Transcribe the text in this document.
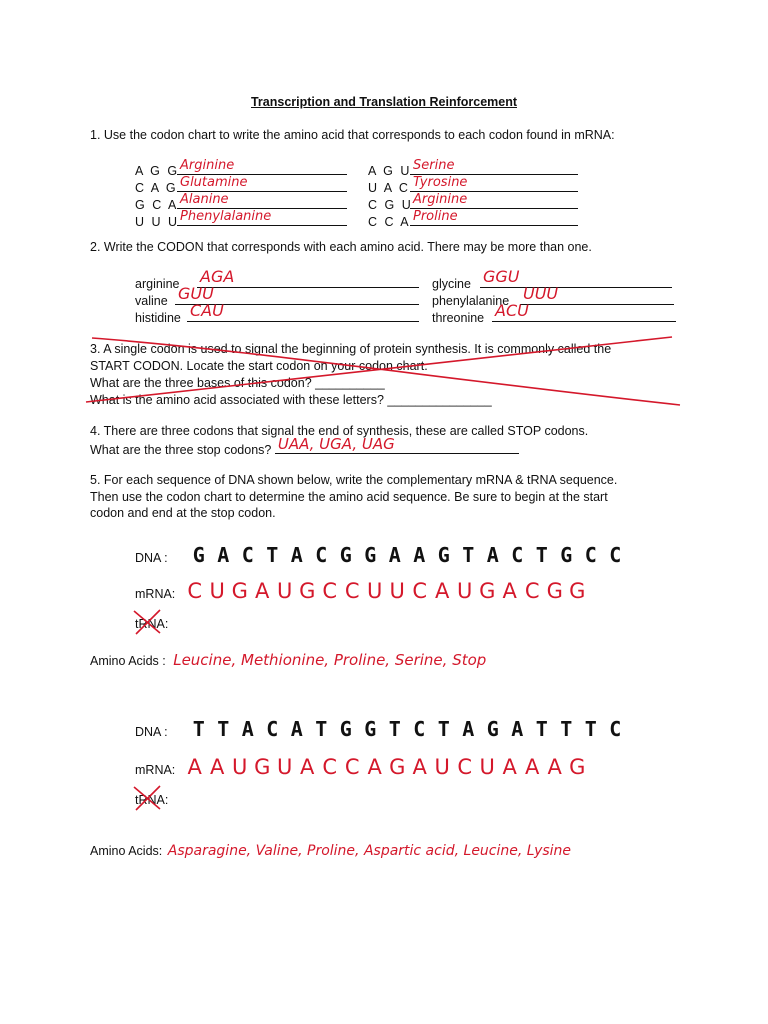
Transcription and Translation Reinforcement
1. Use the codon chart to write the amino acid that corresponds to each codon found in mRNA:
A G G Arginine
C A G Glutamine
G C A Alanine
U U U Phenylalanine
A G U Serine
U A C Tyrosine
C G U Arginine
C C A Proline
2. Write the CODON that corresponds with each amino acid. There may be more than one.
arginine	AGA
valine GUU
histidine CAU
glycine GGU
phenylalanine UUU
threonine ACU
3. A single codon is used to signal the beginning of protein synthesis. It is commonly called the
START CODON. Locate the start codon on your codon chart.
What are the three bases of this codon? __________
What is the amino acid associated with these letters? _______________
4. There are three codons that signal the end of synthesis, these are called STOP codons.
What are the three stop codons?
UAA, UGA, UAG
5. For each sequence of DNA shown below, write the complementary mRNA & tRNA sequence.
Then use the codon chart to determine the amino acid sequence. Be sure to begin at the start
codon and end at the stop codon.
DNA : G A C T A C G G A A G T A C T G C C
mRNA: C U G A U G C C U U C A U G A C G G
tRNA:
Amino Acids : Leucine, Methionine, Proline, Serine, Stop
DNA : T T A C A T G G T C T A G A T T T C
mRNA: A A U G U A C C A G A U C U A A A G
tRNA:
Amino Acids: Asparagine, Valine, Proline, Aspartic acid, Leucine, Lysine
